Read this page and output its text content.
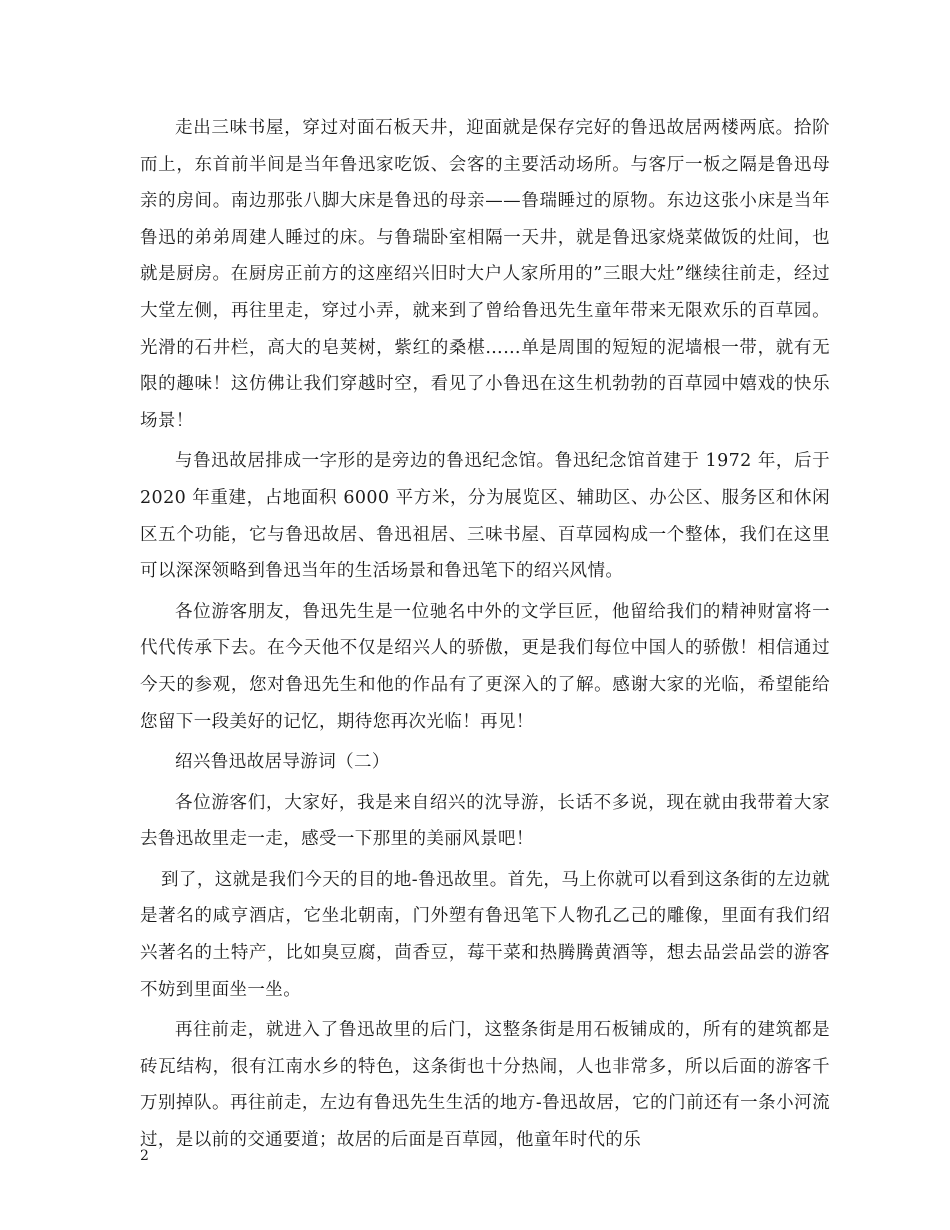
走出三味书屋，穿过对面石板天井，迎面就是保存完好的鲁迅故居两楼两底。拾阶而上，东首前半间是当年鲁迅家吃饭、会客的主要活动场所。与客厅一板之隔是鲁迅母亲的房间。南边那张八脚大床是鲁迅的母亲——鲁瑞睡过的原物。东边这张小床是当年鲁迅的弟弟周建人睡过的床。与鲁瑞卧室相隔一天井，就是鲁迅家烧菜做饭的灶间，也就是厨房。在厨房正前方的这座绍兴旧时大户人家所用的”三眼大灶”继续往前走，经过大堂左侧，再往里走，穿过小弄，就来到了曾给鲁迅先生童年带来无限欢乐的百草园。光滑的石井栏，高大的皂荚树，紫红的桑椹……单是周围的短短的泥墙根一带，就有无限的趣味！这仿佛让我们穿越时空，看见了小鲁迅在这生机勃勃的百草园中嬉戏的快乐场景！

与鲁迅故居排成一字形的是旁边的鲁迅纪念馆。鲁迅纪念馆首建于 1972 年，后于 2020 年重建，占地面积 6000 平方米，分为展览区、辅助区、办公区、服务区和休闲区五个功能，它与鲁迅故居、鲁迅祖居、三味书屋、百草园构成一个整体，我们在这里可以深深领略到鲁迅当年的生活场景和鲁迅笔下的绍兴风情。

各位游客朋友，鲁迅先生是一位驰名中外的文学巨匠，他留给我们的精神财富将一代代传承下去。在今天他不仅是绍兴人的骄傲，更是我们每位中国人的骄傲！相信通过今天的参观，您对鲁迅先生和他的作品有了更深入的了解。感谢大家的光临，希望能给您留下一段美好的记忆，期待您再次光临！再见！

绍兴鲁迅故居导游词（二）

各位游客们，大家好，我是来自绍兴的沈导游，长话不多说，现在就由我带着大家去鲁迅故里走一走，感受一下那里的美丽风景吧！

到了，这就是我们今天的目的地-鲁迅故里。首先，马上你就可以看到这条街的左边就是著名的咸亨酒店，它坐北朝南，门外塑有鲁迅笔下人物孔乙己的雕像，里面有我们绍兴著名的土特产，比如臭豆腐，茴香豆，莓干菜和热腾腾黄酒等，想去品尝品尝的游客不妨到里面坐一坐。

再往前走，就进入了鲁迅故里的后门，这整条街是用石板铺成的，所有的建筑都是砖瓦结构，很有江南水乡的特色，这条街也十分热闹，人也非常多，所以后面的游客千万别掉队。再往前走，左边有鲁迅先生生活的地方-鲁迅故居，它的门前还有一条小河流过，是以前的交通要道；故居的后面是百草园，他童年时代的乐

2
